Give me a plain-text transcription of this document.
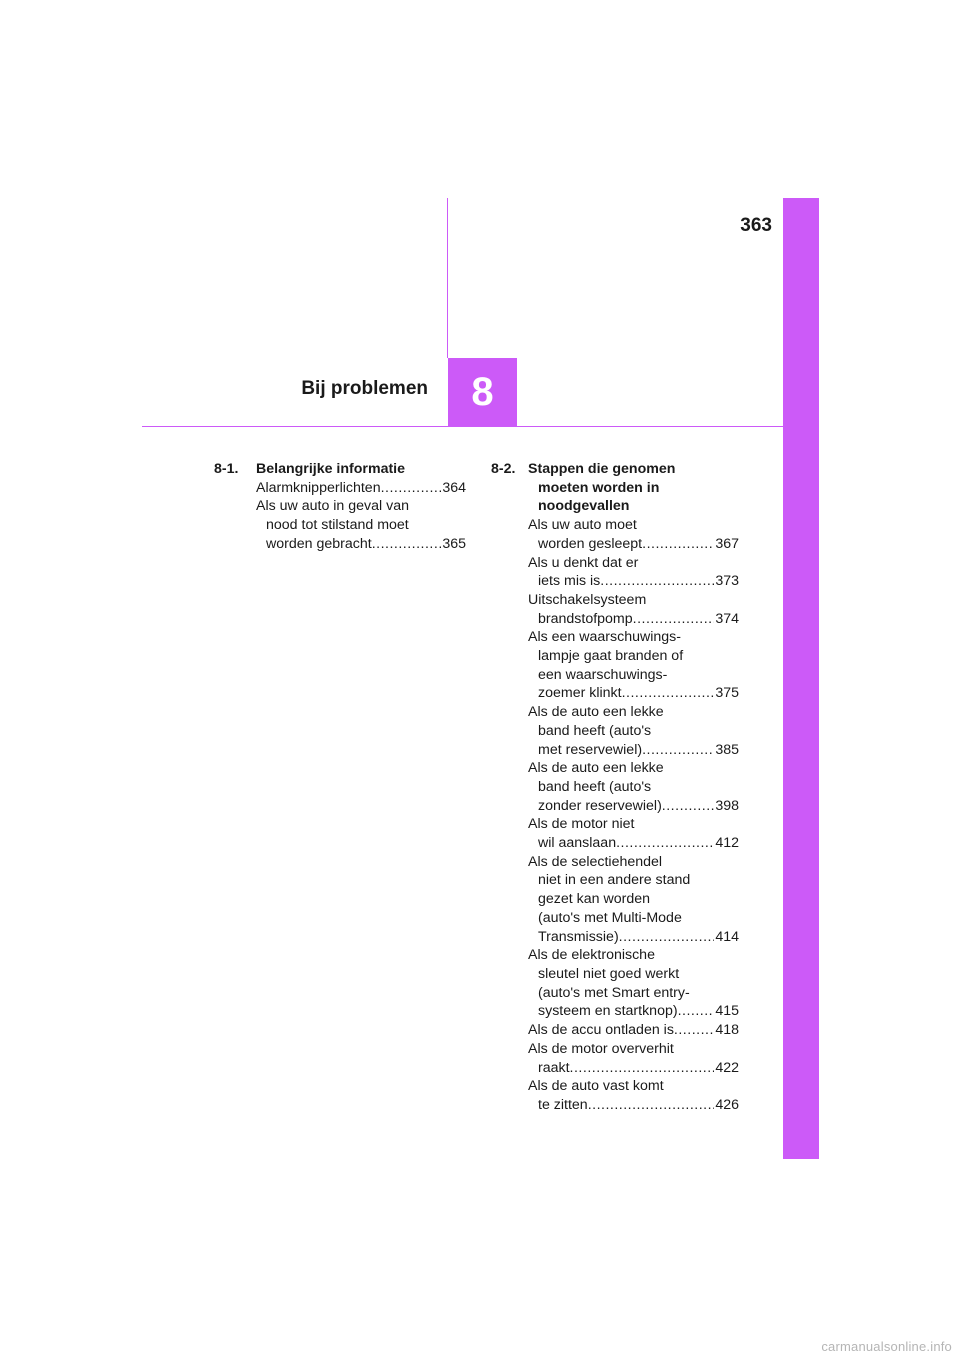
363
8
Bij problemen
8-1.	Belangrijke informatie
Alarmknipperlichten .....	364
Als uw auto in geval van
nood tot stilstand moet
worden gebracht .....	365
8-2. Stappen die genomen
moeten worden in
noodgevallen
Als uw auto moet
worden gesleept .....	367
Als u denkt dat er
iets mis is .....	373
Uitschakelsysteem
brandstofpomp .....	374
Als een waarschuwings-
lampje gaat branden of
een waarschuwings-
zoemer klinkt .....	375
Als de auto een lekke
band heeft (auto's
met reservewiel) .....	385
Als de auto een lekke
band heeft (auto's
zonder reservewiel) .....	398
Als de motor niet
wil aanslaan .....	412
Als de selectiehendel
niet in een andere stand
gezet kan worden
(auto's met Multi-Mode
Transmissie) .....	414
Als de elektronische
sleutel niet goed werkt
(auto's met Smart entry-
systeem en startknop) .....	415
Als de accu ontladen is .....	418
Als de motor oververhit
raakt .....	422
Als de auto vast komt
te zitten .....	426
carmanualsonline.info
